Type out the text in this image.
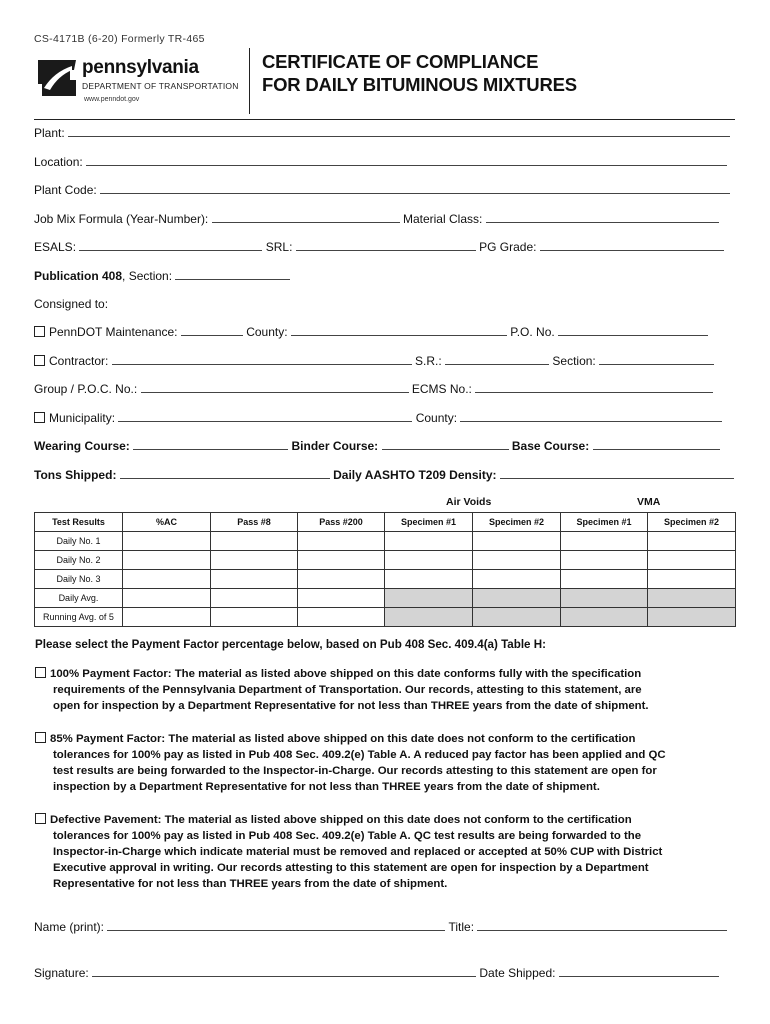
CS-4171B (6-20) Formerly TR-465
pennsylvania
DEPARTMENT OF TRANSPORTATION
www.penndot.gov
CERTIFICATE OF COMPLIANCE
FOR DAILY BITUMINOUS MIXTURES
Plant:
Location:
Plant Code:
Job Mix Formula (Year-Number):	Material Class:
ESALS:	SRL:	PG Grade:
Publication 408, Section:
Consigned to:
PennDOT Maintenance:	County:	P.O. No.
Contractor:	S.R.:	Section:
Group / P.O.C. No.:	ECMS No.:
Municipality:	County:
Wearing Course:	Binder Course:	Base Course:
Tons Shipped:	Daily AASHTO T209 Density:
Air Voids	VMA
Test Results	%AC	Pass #8	Pass #200	Specimen #1	Specimen #2	Specimen #1	Specimen #2
Daily No. 1							
Daily No. 2							
Daily No. 3							
Daily Avg.							
Running Avg. of 5							
Please select the Payment Factor percentage below, based on Pub 408 Sec. 409.4(a) Table H:
100% Payment Factor: The material as listed above shipped on this date conforms fully with the specification
requirements of the Pennsylvania Department of Transportation. Our records, attesting to this statement, are
open for inspection by a Department Representative for not less than THREE years from the date of shipment.
85% Payment Factor: The material as listed above shipped on this date does not conform to the certification
tolerances for 100% pay as listed in Pub 408 Sec. 409.2(e) Table A. A reduced pay factor has been applied and QC
test results are being forwarded to the Inspector-in-Charge. Our records attesting to this statement are open for
inspection by a Department Representative for not less than THREE years from the date of shipment.
Defective Pavement: The material as listed above shipped on this date does not conform to the certification
tolerances for 100% pay as listed in Pub 408 Sec. 409.2(e) Table A. QC test results are being forwarded to the
Inspector-in-Charge which indicate material must be removed and replaced or accepted at 50% CUP with District
Executive approval in writing. Our records attesting to this statement are open for inspection by a Department
Representative for not less than THREE years from the date of shipment.
Name (print):	Title:
Signature:	Date Shipped:
